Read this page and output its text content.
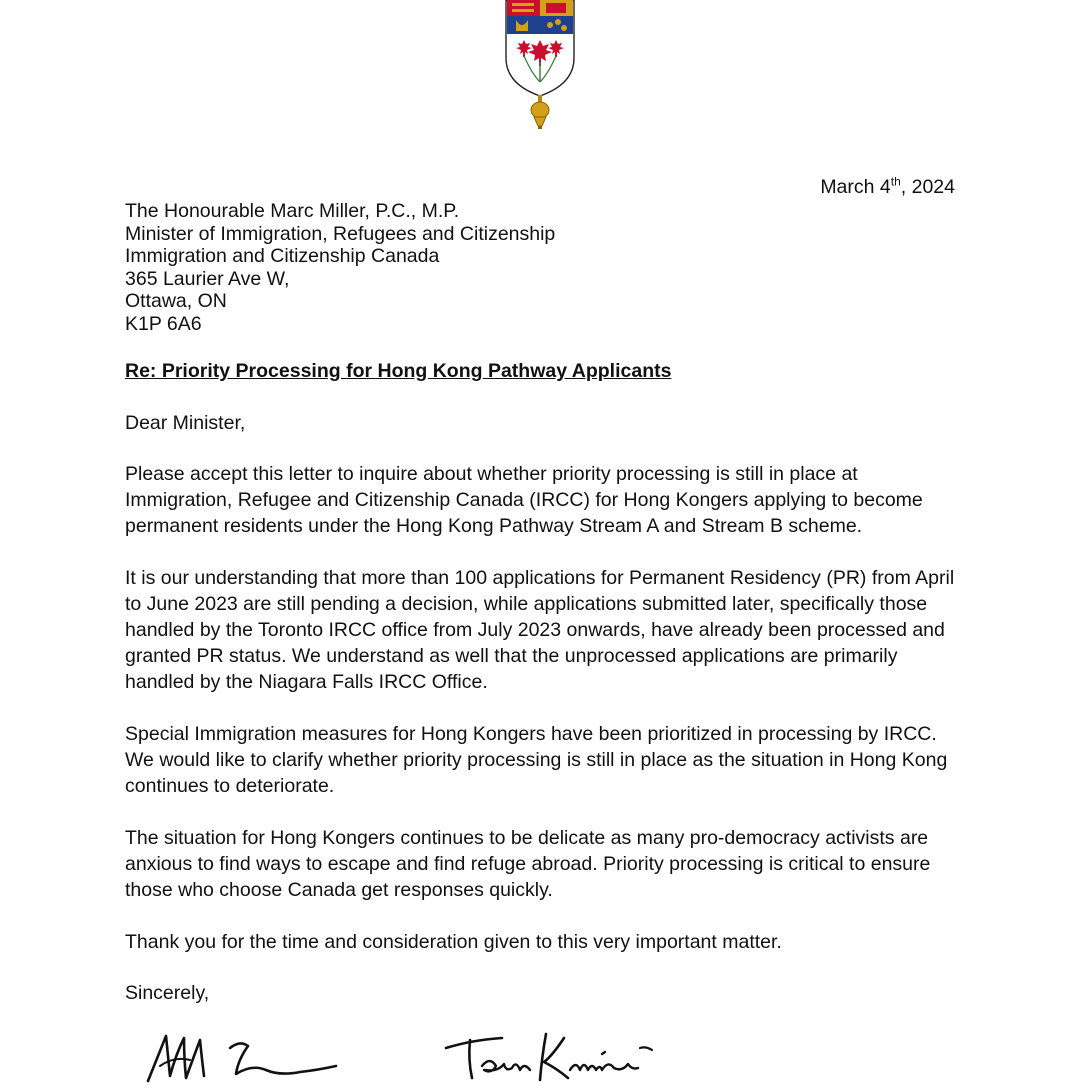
March 4th, 2024
The Honourable Marc Miller, P.C., M.P.
Minister of Immigration, Refugees and Citizenship
Immigration and Citizenship Canada
365 Laurier Ave W,
Ottawa, ON
K1P 6A6
Re: Priority Processing for Hong Kong Pathway Applicants
Dear Minister,
Please accept this letter to inquire about whether priority processing is still in place at Immigration, Refugee and Citizenship Canada (IRCC) for Hong Kongers applying to become permanent residents under the Hong Kong Pathway Stream A and Stream B scheme.
It is our understanding that more than 100 applications for Permanent Residency (PR) from April to June 2023 are still pending a decision, while applications submitted later, specifically those handled by the Toronto IRCC office from July 2023 onwards, have already been processed and granted PR status. We understand as well that the unprocessed applications are primarily handled by the Niagara Falls IRCC Office.
Special Immigration measures for Hong Kongers have been prioritized in processing by IRCC. We would like to clarify whether priority processing is still in place as the situation in Hong Kong continues to deteriorate.
The situation for Hong Kongers continues to be delicate as many pro-democracy activists are anxious to find ways to escape and find refuge abroad. Priority processing is critical to ensure those who choose Canada get responses quickly.
Thank you for the time and consideration given to this very important matter.
Sincerely,
